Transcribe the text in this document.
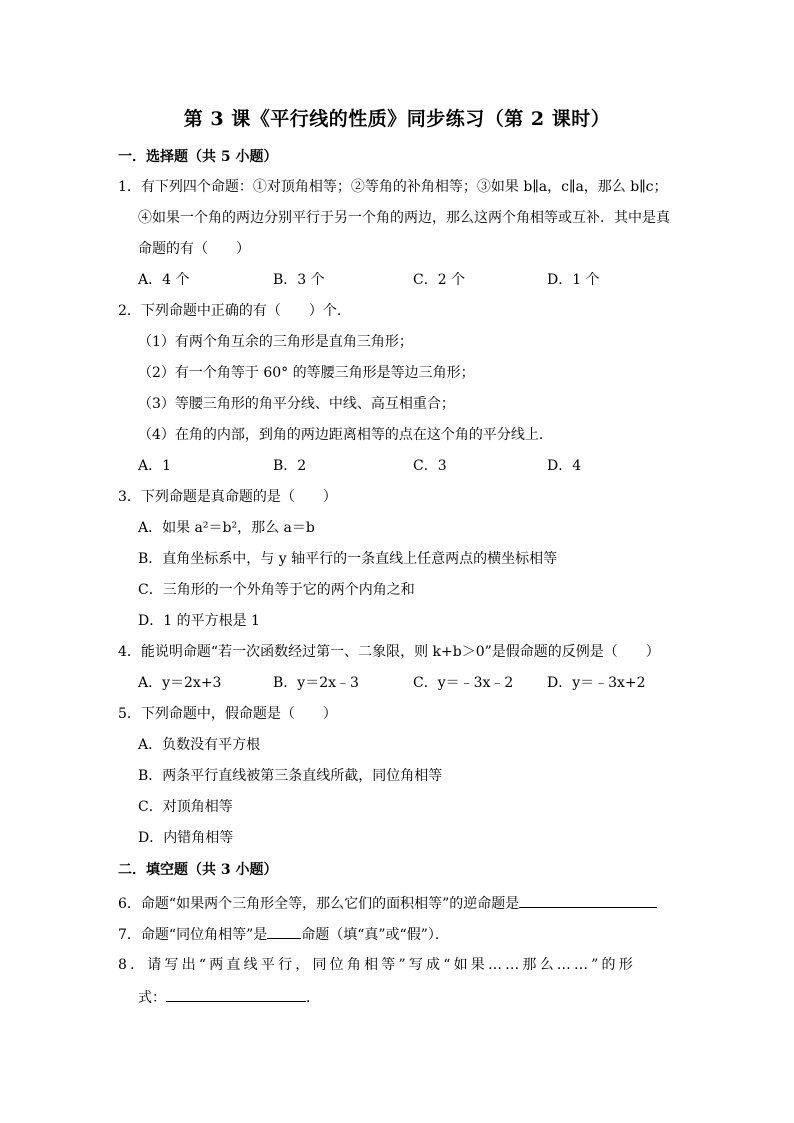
第 3 课《平行线的性质》同步练习（第 2 课时）
一．选择题（共 5 小题）
1．有下列四个命题：①对顶角相等；②等角的补角相等；③如果 b∥a，c∥a，那么 b∥c；
④如果一个角的两边分别平行于另一个角的两边，那么这两个角相等或互补．其中是真
命题的有（　　）
A．4 个	B．3 个	C．2 个	D．1 个
2．下列命题中正确的有（　　）个．
（1）有两个角互余的三角形是直角三角形；
（2）有一个角等于 60° 的等腰三角形是等边三角形；
（3）等腰三角形的角平分线、中线、高互相重合；
（4）在角的内部，到角的两边距离相等的点在这个角的平分线上．
A．1	B．2	C．3	D．4
3．下列命题是真命题的是（　　）
A．如果 a²＝b²，那么 a＝b
B．直角坐标系中，与 y 轴平行的一条直线上任意两点的横坐标相等
C．三角形的一个外角等于它的两个内角之和
D．1 的平方根是 1
4．能说明命题“若一次函数经过第一、二象限，则 k+b＞0”是假命题的反例是（　　）
A．y＝2x+3	B．y＝2x﹣3	C．y＝﹣3x﹣2 D．y＝﹣3x+2
5．下列命题中，假命题是（　　）
A．负数没有平方根
B．两条平行直线被第三条直线所截，同位角相等
C．对顶角相等
D．内错角相等
二．填空题（共 3 小题）
6．命题“如果两个三角形全等，那么它们的面积相等”的逆命题是
7．命题“同位角相等”是 命题（填“真”或“假”）．
8．请写出“两直线平行，同位角相等”写成“如果……那么……”的形
式：	．
